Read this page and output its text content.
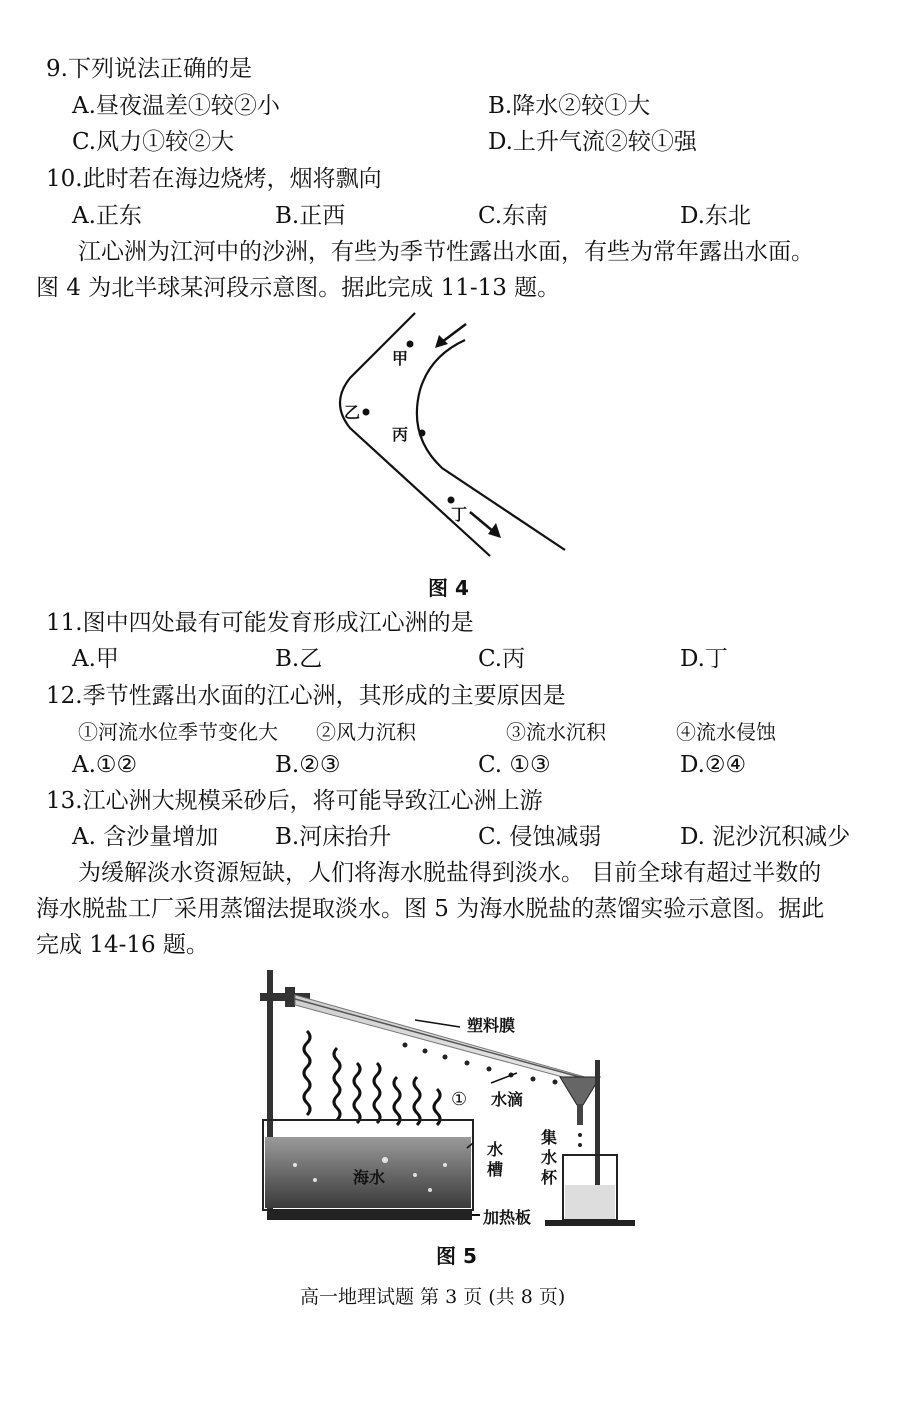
9.下列说法正确的是
A.昼夜温差①较②小	B.降水②较①大
C.风力①较②大	D.上升气流②较①强
10.此时若在海边烧烤，烟将飘向
A.正东	B.正西	C.东南	D.东北
江心洲为江河中的沙洲，有些为季节性露出水面，有些为常年露出水面。
图 4 为北半球某河段示意图。据此完成 11-13 题。
甲
乙
丙
丁
图 4
11.图中四处最有可能发育形成江心洲的是
A.甲	B.乙	C.丙	D.丁
12.季节性露出水面的江心洲，其形成的主要原因是
①河流水位季节变化大 ②风力沉积	③流水沉积	④流水侵蚀
A.①②	B.②③	C. ①③	D.②④
13.江心洲大规模采砂后，将可能导致江心洲上游
A. 含沙量增加 B.河床抬升	C. 侵蚀减弱	D. 泥沙沉积减少
为缓解淡水资源短缺，人们将海水脱盐得到淡水。 目前全球有超过半数的
海水脱盐工厂采用蒸馏法提取淡水。图 5 为海水脱盐的蒸馏实验示意图。据此
完成 14-16 题。
①
塑料膜
水滴
海水
水
槽
集
水
杯
加热板
图 5
高一地理试题 第 3 页 (共 8 页)
